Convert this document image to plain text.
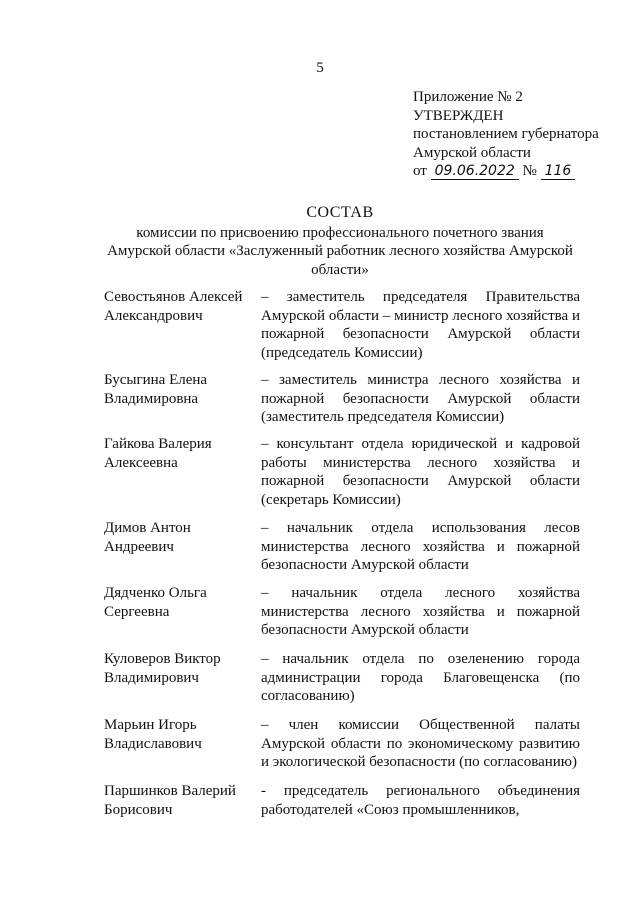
5
Приложение № 2
УТВЕРЖДЕН
постановлением губернатора
Амурской области
от 09.06.2022 № 116
СОСТАВ
комиссии по присвоению профессионального почетного звания
Амурской области «Заслуженный работник лесного хозяйства Амурской
области»
Севостьянов Алексей
Александрович
– заместитель председателя Правительства Амурской области – министр лесного хозяйства и пожарной безопасности Амурской области (председатель Комиссии)
Бусыгина Елена
Владимировна
– заместитель министра лесного хозяйства и пожарной безопасности Амурской области (заместитель председателя Комиссии)
Гайкова Валерия
Алексеевна
– консультант отдела юридической и кадровой работы министерства лесного хозяйства и пожарной безопасности Амурской области (секретарь Комиссии)
Димов Антон
Андреевич
– начальник отдела использования лесов министерства лесного хозяйства и пожарной безопасности Амурской области
Дядченко Ольга
Сергеевна
– начальник отдела лесного хозяйства министерства лесного хозяйства и пожарной безопасности Амурской области
Куловеров Виктор
Владимирович
– начальник отдела по озеленению города администрации города Благовещенска (по согласованию)
Марьин Игорь
Владиславович
– член комиссии Общественной палаты Амурской области по экономическому развитию и экологической безопасности (по согласованию)
Паршинков Валерий
Борисович
- председатель регионального объединения работодателей «Союз промышленников,
